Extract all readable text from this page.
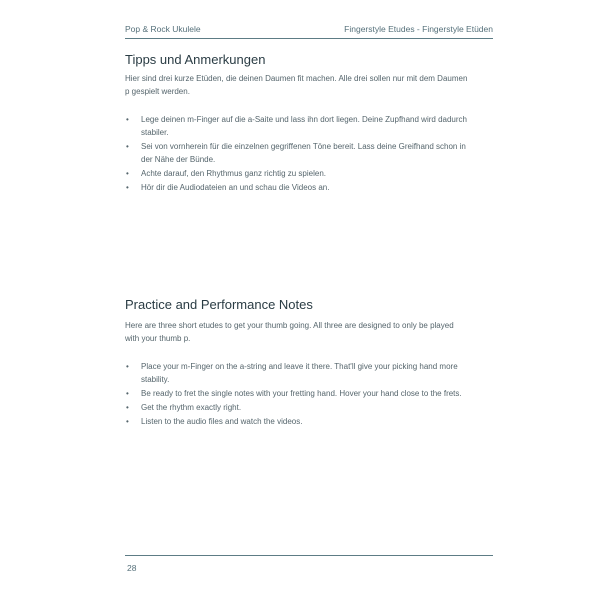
Pop & Rock Ukulele	Fingerstyle Etudes - Fingerstyle Etüden
Tipps und Anmerkungen

Hier sind drei kurze Etüden, die deinen Daumen fit machen. Alle drei sollen nur mit dem Daumen p gespielt werden.

• Lege deinen m-Finger auf die a-Saite und lass ihn dort liegen. Deine Zupfhand wird dadurch stabiler.
• Sei von vornherein für die einzelnen gegriffenen Töne bereit. Lass deine Greifhand schon in der Nähe der Bünde.
• Achte darauf, den Rhythmus ganz richtig zu spielen.
• Hör dir die Audiodateien an und schau die Videos an.
Practice and Performance Notes

Here are three short etudes to get your thumb going. All three are designed to only be played with your thumb p.

• Place your m-Finger on the a-string and leave it there. That'll give your picking hand more stability.
• Be ready to fret the single notes with your fretting hand. Hover your hand close to the frets.
• Get the rhythm exactly right.
• Listen to the audio files and watch the videos.
28
